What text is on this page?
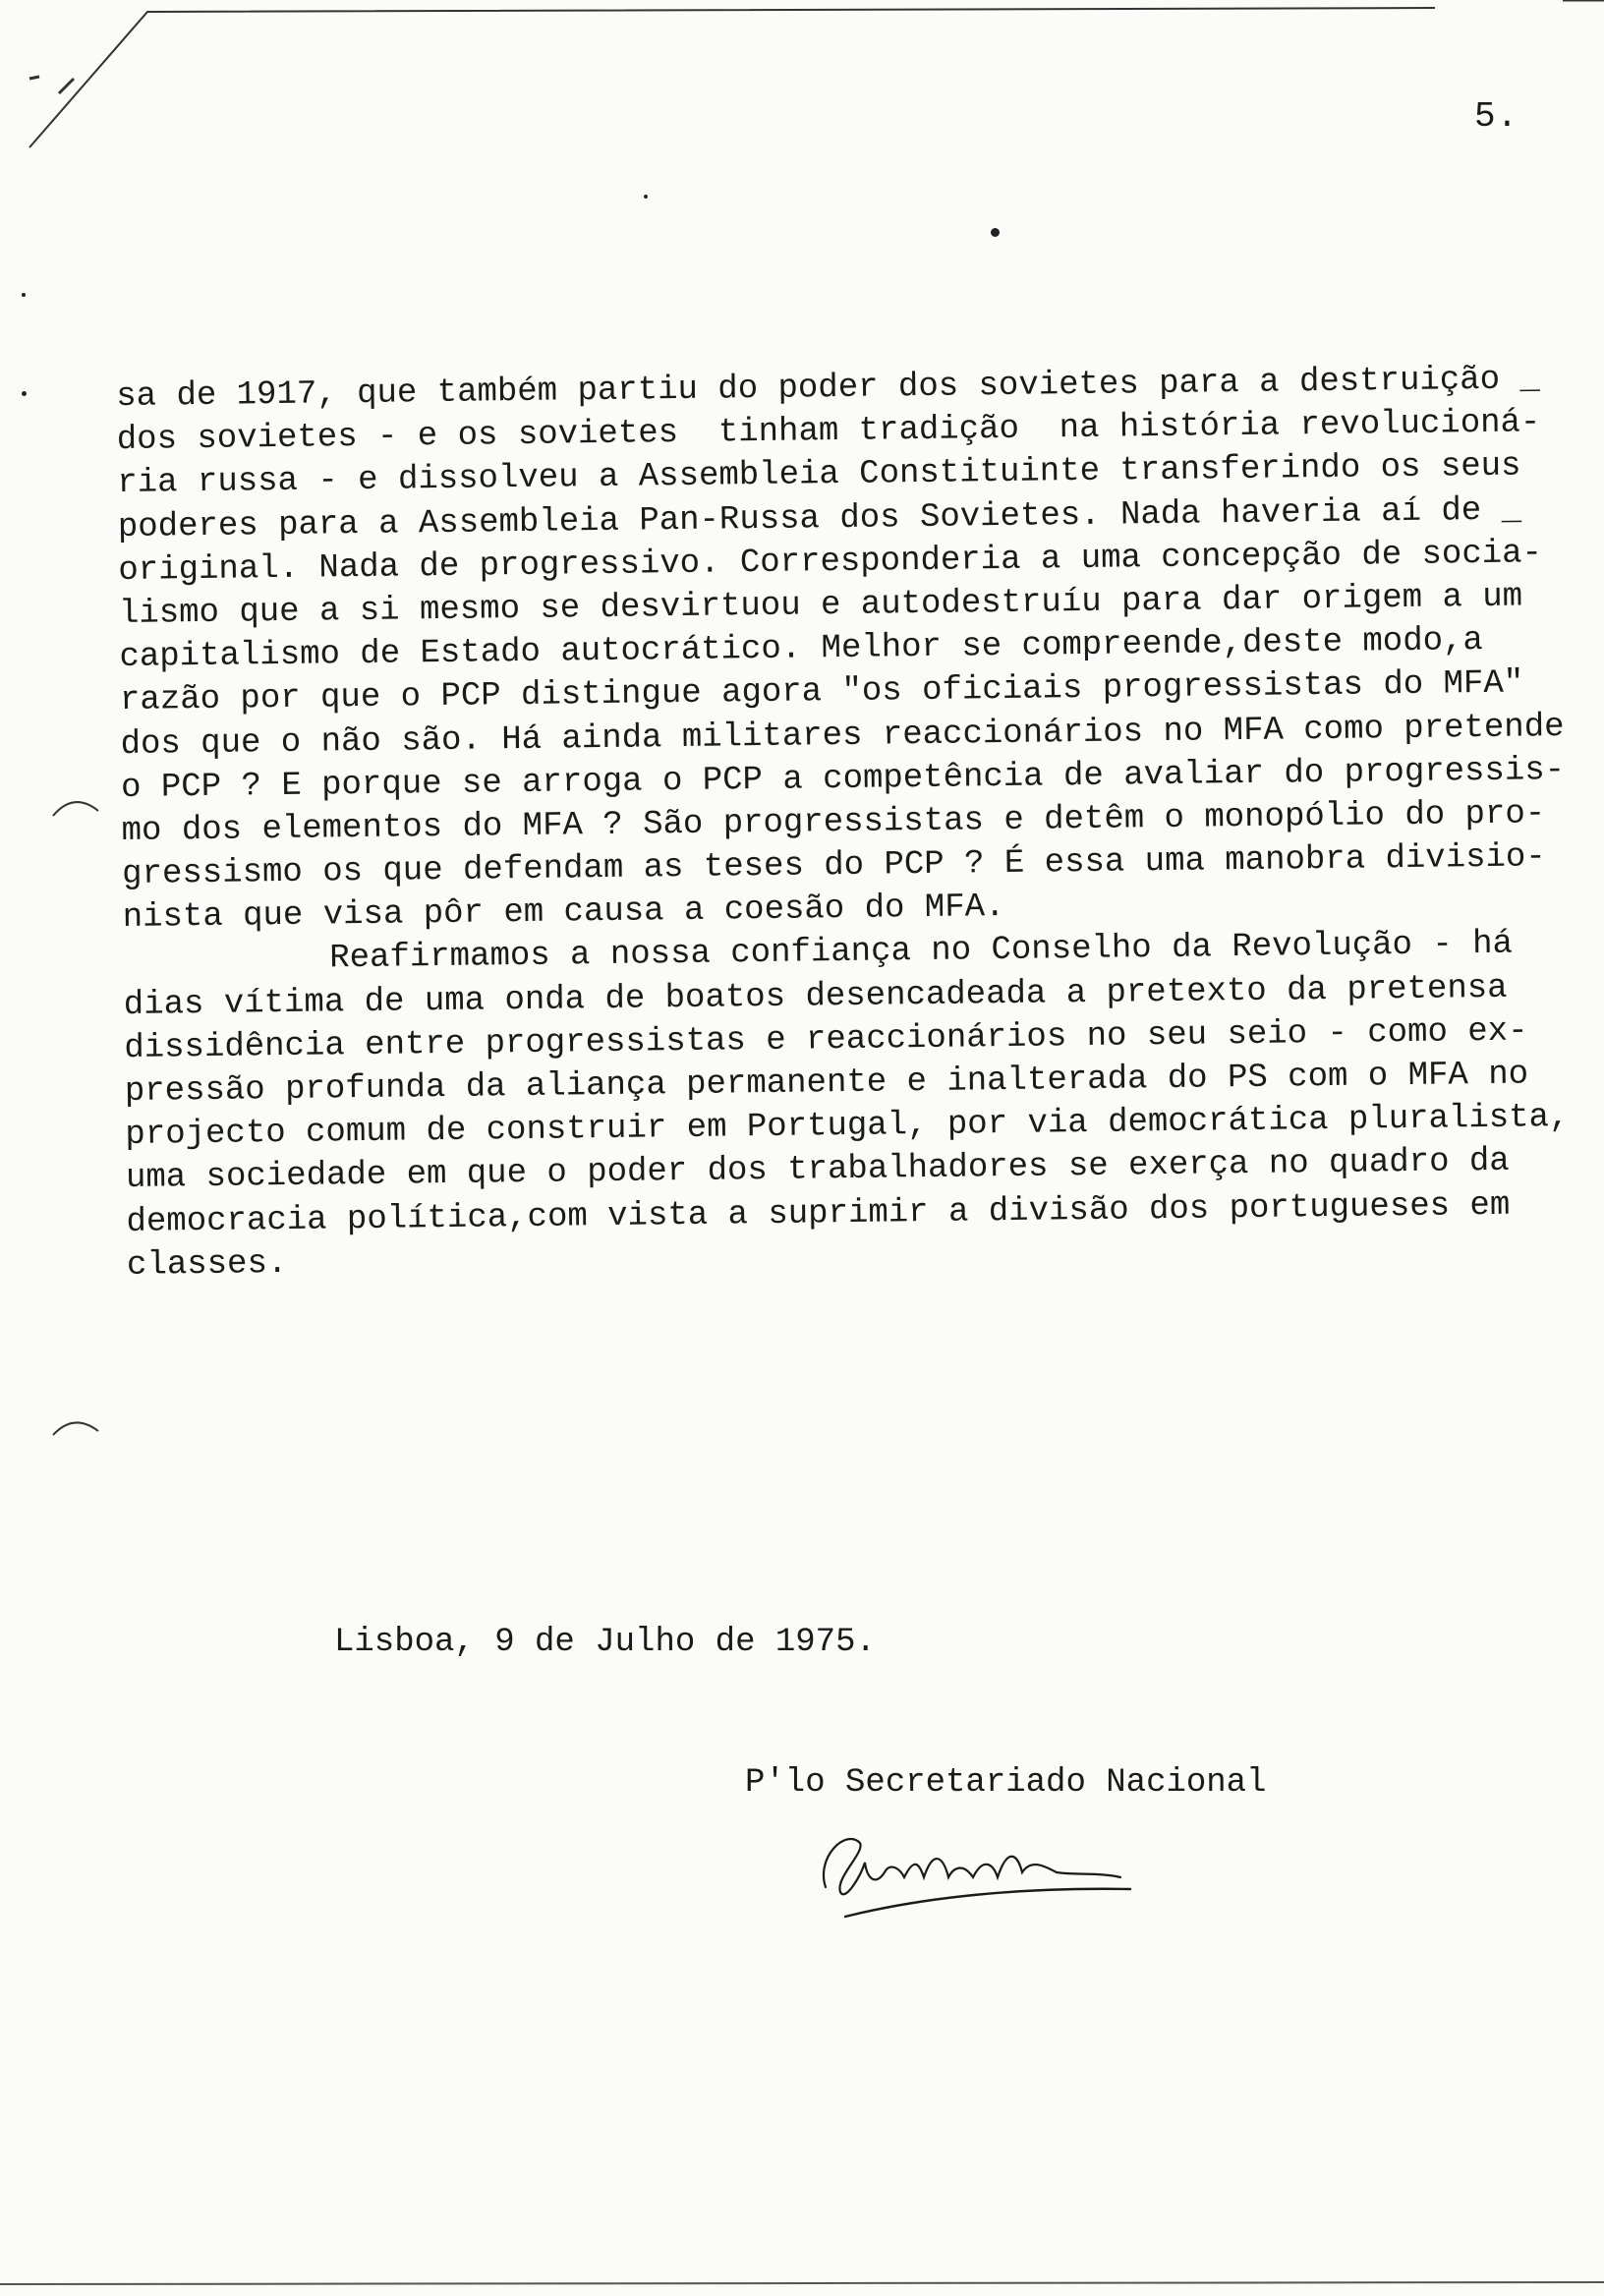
5.
sa de 1917, que também partiu do poder dos sovietes para a destruição _
dos sovietes - e os sovietes  tinham tradição  na história revolucioná-
ria russa - e dissolveu a Assembleia Constituinte transferindo os seus
poderes para a Assembleia Pan-Russa dos Sovietes. Nada haveria aí de _
original. Nada de progressivo. Corresponderia a uma concepção de socia-
lismo que a si mesmo se desvirtuou e autodestruíu para dar origem a um
capitalismo de Estado autocrático. Melhor se compreende,deste modo,a
razão por que o PCP distingue agora "os oficiais progressistas do MFA"
dos que o não são. Há ainda militares reaccionários no MFA como pretende
o PCP ? E porque se arroga o PCP a competência de avaliar do progressis-
mo dos elementos do MFA ? São progressistas e detêm o monopólio do pro-
gressismo os que defendam as teses do PCP ? É essa uma manobra divisio-
nista que visa pôr em causa a coesão do MFA.
Reafirmamos a nossa confiança no Conselho da Revolução - há
dias vítima de uma onda de boatos desencadeada a pretexto da pretensa
dissidência entre progressistas e reaccionários no seu seio - como ex-
pressão profunda da aliança permanente e inalterada do PS com o MFA no
projecto comum de construir em Portugal, por via democrática pluralista,
uma sociedade em que o poder dos trabalhadores se exerça no quadro da
democracia política,com vista a suprimir a divisão dos portugueses em
classes.
Lisboa, 9 de Julho de 1975.
P'lo Secretariado Nacional
